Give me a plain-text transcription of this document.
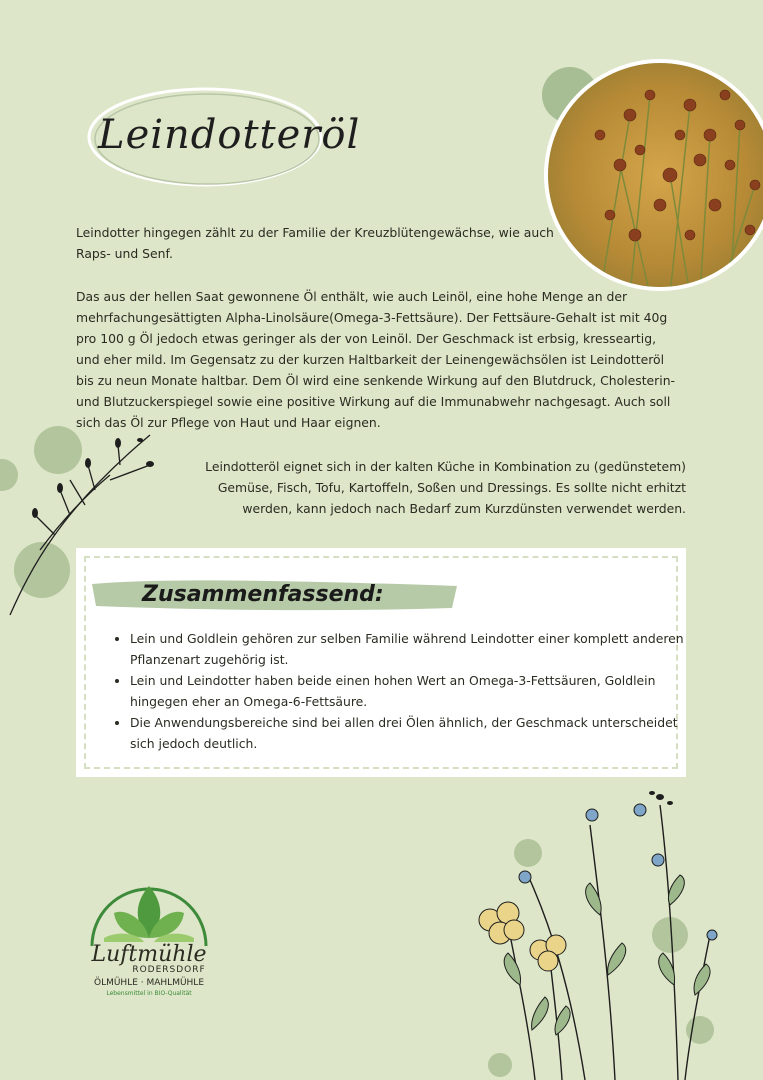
Leindotteröl

Leindotter hingegen zählt zu der Familie der Kreuzblütengewächse, wie auch Raps- und Senf.

Das aus der hellen Saat gewonnene Öl enthält, wie auch Leinöl, eine hohe Menge an der mehrfachungesättigten Alpha-Linolsäure(Omega-3-Fettsäure). Der Fettsäure-Gehalt ist mit 40g pro 100 g Öl jedoch etwas geringer als der von Leinöl. Der Geschmack ist erbsig, kresseartig, und eher mild. Im Gegensatz zu der kurzen Haltbarkeit der Leinengewächsölen ist Leindotteröl bis zu neun Monate haltbar. Dem Öl wird eine senkende Wirkung auf den Blutdruck, Cholesterin- und Blutzuckerspiegel sowie eine positive Wirkung auf die Immunabwehr nachgesagt. Auch soll sich das Öl zur Pflege von Haut und Haar eignen.

Leindotteröl eignet sich in der kalten Küche in Kombination zu (gedünstetem) Gemüse, Fisch, Tofu, Kartoffeln, Soßen und Dressings. Es sollte nicht erhitzt werden, kann jedoch nach Bedarf zum Kurzdünsten verwendet werden.

Zusammenfassend:
• Lein und Goldlein gehören zur selben Familie während Leindotter einer komplett anderen Pflanzenart zugehörig ist.
• Lein und Leindotter haben beide einen hohen Wert an Omega-3-Fettsäuren, Goldlein hingegen eher an Omega-6-Fettsäure.
• Die Anwendungsbereiche sind bei allen drei Ölen ähnlich, der Geschmack unterscheidet sich jedoch deutlich.
Luftmühle
RODERSDORF
ÖLMÜHLE · MAHLMÜHLE
Lebensmittel in BIO-Qualität
